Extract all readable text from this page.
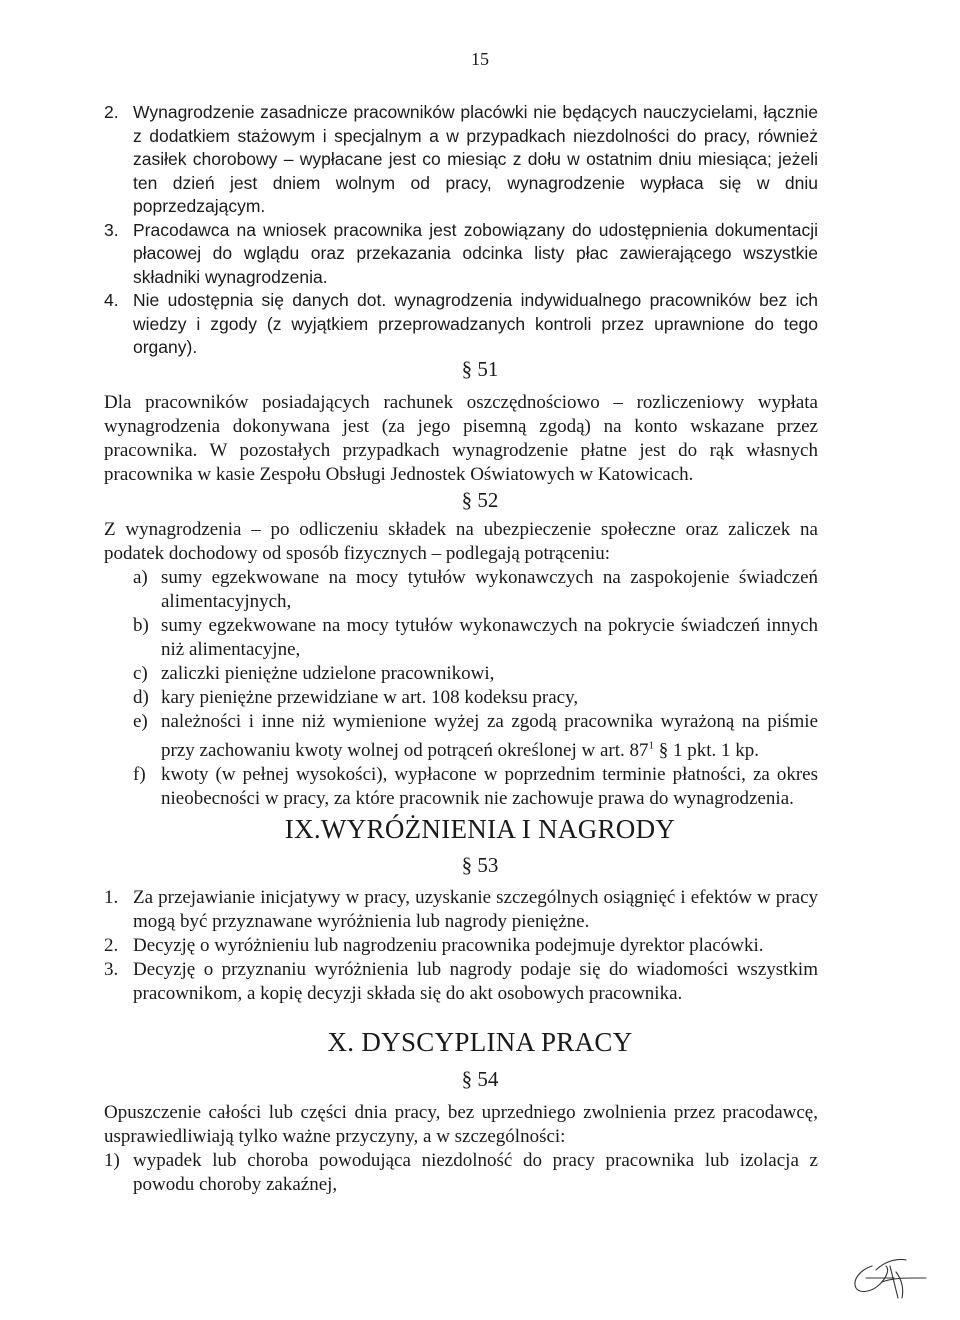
15

2. Wynagrodzenie zasadnicze pracowników placówki nie będących nauczycielami, łącznie z dodatkiem stażowym i specjalnym a w przypadkach niezdolności do pracy, również zasiłek chorobowy – wypłacane jest co miesiąc z dołu w ostatnim dniu miesiąca; jeżeli ten dzień jest dniem wolnym od pracy, wynagrodzenie wypłaca się w dniu poprzedzającym.

3. Pracodawca na wniosek pracownika jest zobowiązany do udostępnienia dokumentacji płacowej do wglądu oraz przekazania odcinka listy płac zawierającego wszystkie składniki wynagrodzenia.

4. Nie udostępnia się danych dot. wynagrodzenia indywidualnego pracowników bez ich wiedzy i zgody (z wyjątkiem przeprowadzanych kontroli przez uprawnione do tego organy).

§ 51

Dla pracowników posiadających rachunek oszczędnościowo – rozliczeniowy wypłata wynagrodzenia dokonywana jest (za jego pisemną zgodą) na konto wskazane przez pracownika. W pozostałych przypadkach wynagrodzenie płatne jest do rąk własnych pracownika w kasie Zespołu Obsługi Jednostek Oświatowych w Katowicach.

§ 52

Z wynagrodzenia – po odliczeniu składek na ubezpieczenie społeczne oraz zaliczek na podatek dochodowy od sposób fizycznych – podlegają potrąceniu:

a) sumy egzekwowane na mocy tytułów wykonawczych na zaspokojenie świadczeń alimentacyjnych,

b) sumy egzekwowane na mocy tytułów wykonawczych na pokrycie świadczeń innych niż alimentacyjne,

c) zaliczki pieniężne udzielone pracownikowi,

d) kary pieniężne przewidziane w art. 108 kodeksu pracy,

e) należności i inne niż wymienione wyżej za zgodą pracownika wyrażoną na piśmie przy zachowaniu kwoty wolnej od potrąceń określonej w art. $87^1$ § 1 pkt. 1 kp.

f) kwoty (w pełnej wysokości), wypłacone w poprzednim terminie płatności, za okres nieobecności w pracy, za które pracownik nie zachowuje prawa do wynagrodzenia.

IX.WYRÓŻNIENIA I NAGRODY
§ 53

1. Za przejawianie inicjatywy w pracy, uzyskanie szczególnych osiągnięć i efektów w pracy mogą być przyznawane wyróżnienia lub nagrody pieniężne.

2. Decyzję o wyróżnieniu lub nagrodzeniu pracownika podejmuje dyrektor placówki.

3. Decyzję o przyznaniu wyróżnienia lub nagrody podaje się do wiadomości wszystkim pracownikom, a kopię decyzji składa się do akt osobowych pracownika.

X. DYSCYPLINA PRACY
§ 54

Opuszczenie całości lub części dnia pracy, bez uprzedniego zwolnienia przez pracodawcę, usprawiedliwiają tylko ważne przyczyny, a w szczególności:

1) wypadek lub choroba powodująca niezdolność do pracy pracownika lub izolacja z powodu choroby zakaźnej,
